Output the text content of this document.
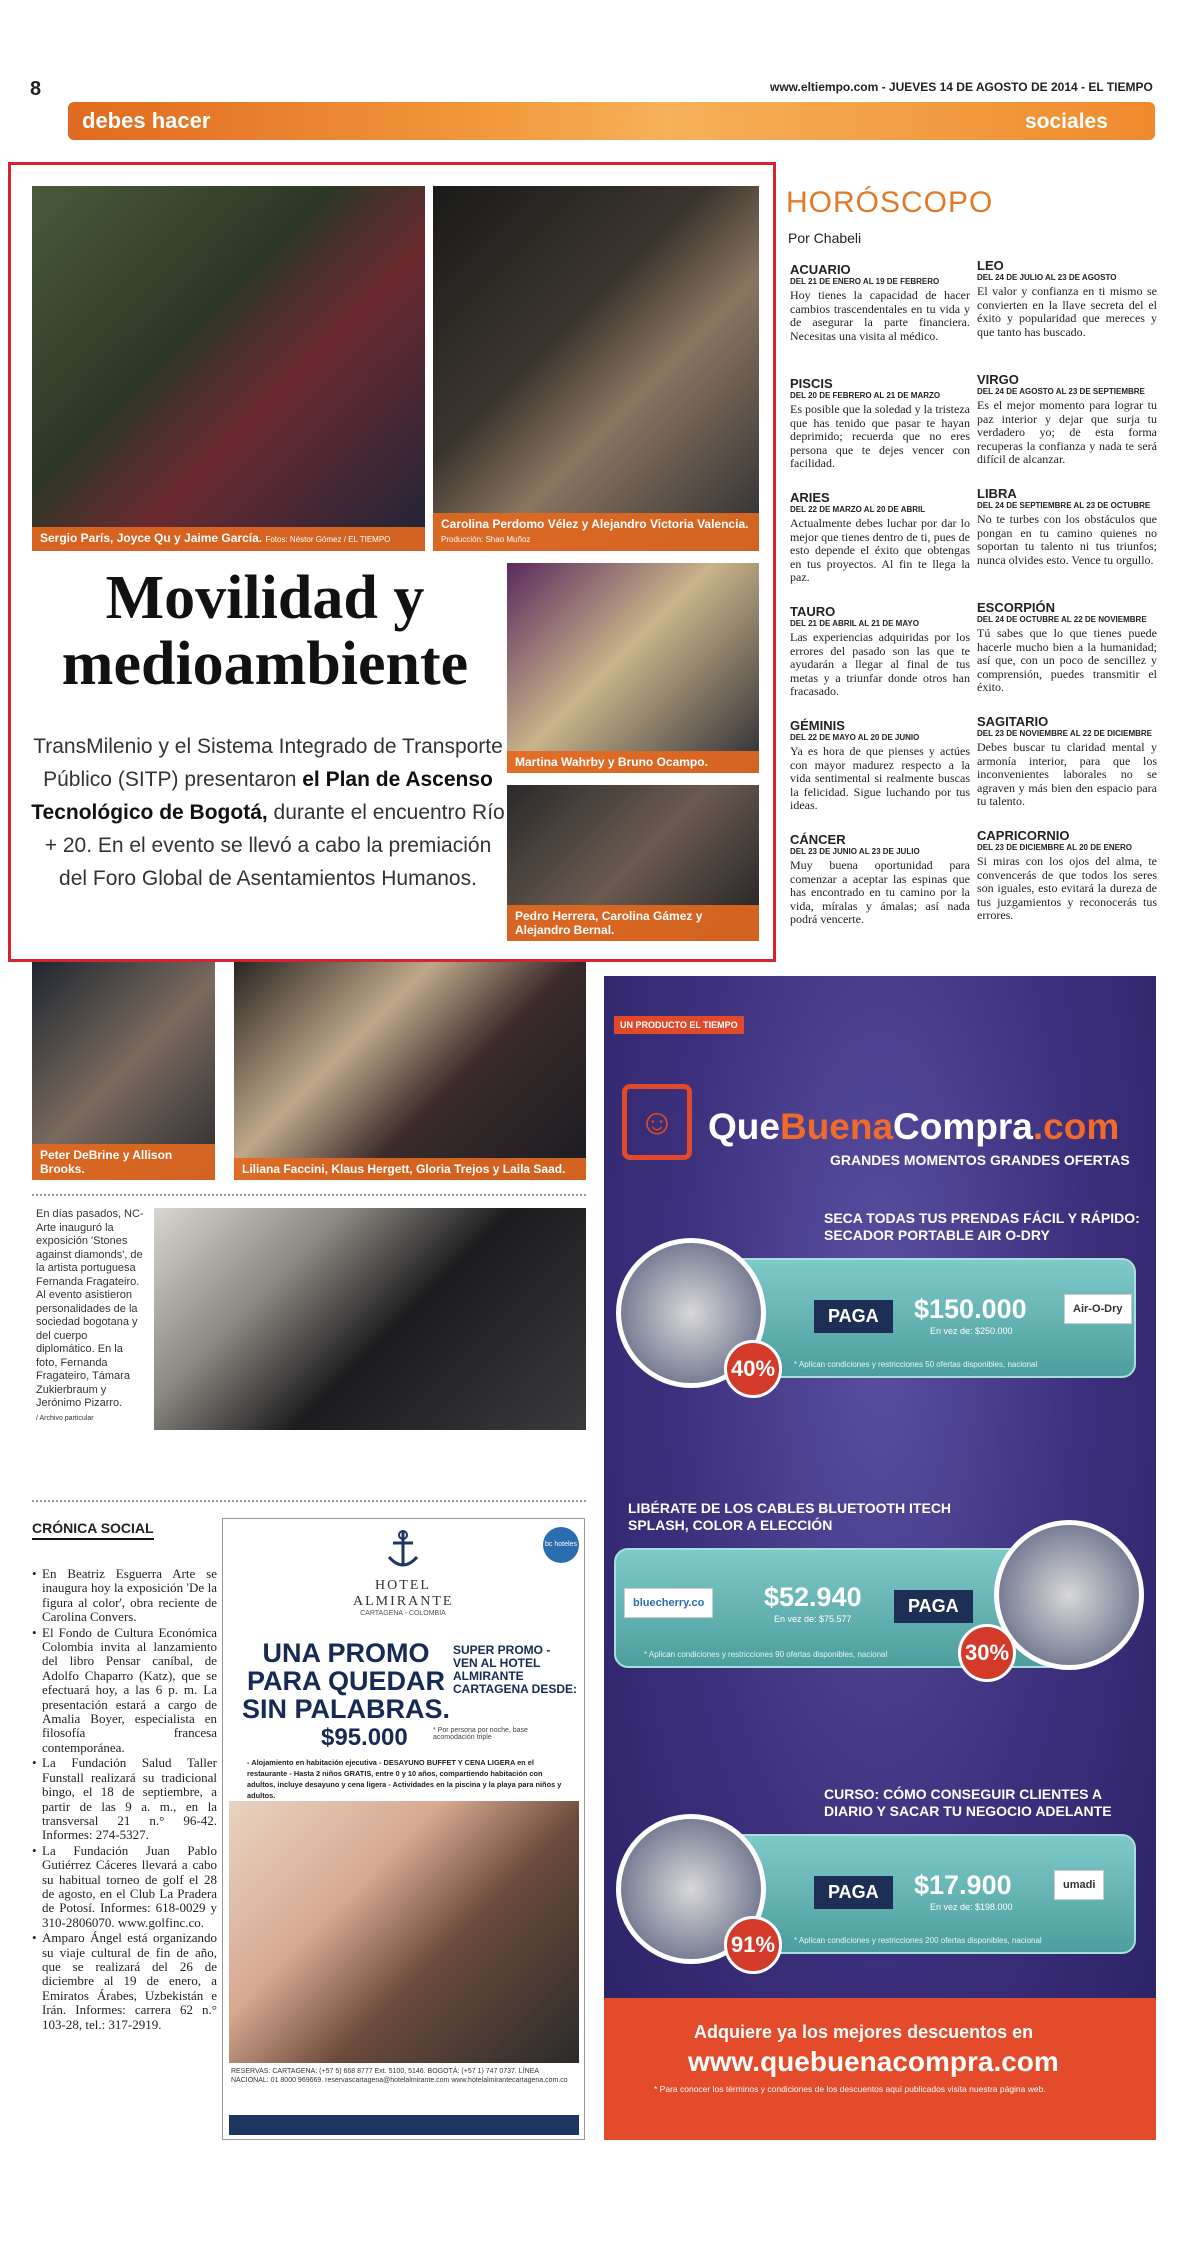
8	www.eltiempo.com - JUEVES 14 DE AGOSTO DE 2014 - EL TIEMPO
debes hacer	sociales
Sergio París, Joyce Qu y Jaime García. Fotos: Néstor Gómez / EL TIEMPO
Carolina Perdomo Vélez y Alejandro Victoria Valencia. Producción: Shao Muñoz
Martina Wahrby y Bruno Ocampo.
Pedro Herrera, Carolina Gámez y Alejandro Bernal.
Movilidad y medioambiente
TransMilenio y el Sistema Integrado de Transporte Público (SITP) presentaron el Plan de Ascenso Tecnológico de Bogotá, durante el encuentro Río + 20. En el evento se llevó a cabo la premiación del Foro Global de Asentamientos Humanos.
HORÓSCOPO
Por Chabeli
ACUARIO
DEL 21 DE ENERO AL 19 DE FEBRERO

Hoy tienes la capacidad de hacer cambios trascendentales en tu vida y de asegurar la parte financiera. Necesitas una visita al médico.

PISCIS
DEL 20 DE FEBRERO AL 21 DE MARZO

Es posible que la soledad y la tristeza que has tenido que pasar te hayan deprimido; recuerda que no eres persona que te dejes vencer con facilidad.

ARIES
DEL 22 DE MARZO AL 20 DE ABRIL

Actualmente debes luchar por dar lo mejor que tienes dentro de ti, pues de esto depende el éxito que obtengas en tus proyectos. Al fin te llega la paz.

TAURO
DEL 21 DE ABRIL AL 21 DE MAYO

Las experiencias adquiridas por los errores del pasado son las que te ayudarán a llegar al final de tus metas y a triunfar donde otros han fracasado.

GÉMINIS
DEL 22 DE MAYO AL 20 DE JUNIO

Ya es hora de que pienses y actúes con mayor madurez respecto a la vida sentimental si realmente buscas la felicidad. Sigue luchando por tus ideas.

CÁNCER
DEL 23 DE JUNIO AL 23 DE JULIO

Muy buena oportunidad para comenzar a aceptar las espinas que has encontrado en tu camino por la vida, míralas y ámalas; así nada podrá vencerte.

LEO
DEL 24 DE JULIO AL 23 DE AGOSTO

El valor y confianza en ti mismo se convierten en la llave secreta del el éxito y popularidad que mereces y que tanto has buscado.

VIRGO
DEL 24 DE AGOSTO AL 23 DE SEPTIEMBRE

Es el mejor momento para lograr tu paz interior y dejar que surja tu verdadero yo; de esta forma recuperas la confianza y nada te será difícil de alcanzar.

LIBRA
DEL 24 DE SEPTIEMBRE AL 23 DE OCTUBRE

No te turbes con los obstáculos que pongan en tu camino quienes no soportan tu talento ni tus triunfos; nunca olvides esto. Vence tu orgullo.

ESCORPIÓN
DEL 24 DE OCTUBRE AL 22 DE NOVIEMBRE

Tú sabes que lo que tienes puede hacerle mucho bien a la humanidad; así que, con un poco de sencillez y comprensión, puedes transmitir el éxito.

SAGITARIO
DEL 23 DE NOVIEMBRE AL 22 DE DICIEMBRE

Debes buscar tu claridad mental y armonía interior, para que los inconvenientes laborales no se agraven y más bien den espacio para tu talento.

CAPRICORNIO
DEL 23 DE DICIEMBRE AL 20 DE ENERO

Si miras con los ojos del alma, te convencerás de que todos los seres son iguales, esto evitará la dureza de tus juzgamientos y reconocerás tus errores.

Peter DeBrine y Allison Brooks.	Liliana Faccini, Klaus Hergett, Gloria Trejos y Laila Saad.
En días pasados, NC-Arte inauguró la exposición 'Stones against diamonds', de la artista portuguesa Fernanda Fragateiro. Al evento asistieron personalidades de la sociedad bogotana y del cuerpo diplomático. En la foto, Fernanda Fragateiro, Támara Zukierbraum y Jerónimo Pizarro.
/ Archivo particular
CRÓNICA SOCIAL
• En Beatriz Esguerra Arte se inaugura hoy la exposición 'De la figura al color', obra reciente de Carolina Convers.
• El Fondo de Cultura Económica Colombia invita al lanzamiento del libro Pensar caníbal, de Adolfo Chaparro (Katz), que se efectuará hoy, a las 6 p. m. La presentación estará a cargo de Amalia Boyer, especialista en filosofía francesa contemporánea.
• La Fundación Salud Taller Funstall realizará su tradicional bingo, el 18 de septiembre, a partir de las 9 a. m., en la transversal 21 n.° 96-42. Informes: 274-5327.
• La Fundación Juan Pablo Gutiérrez Cáceres llevará a cabo su habitual torneo de golf el 28 de agosto, en el Club La Pradera de Potosí. Informes: 618-0029 y 310-2806070. www.golfinc.co.
• Amparo Ángel está organizando su viaje cultural de fin de año, que se realizará del 26 de diciembre al 19 de enero, a Emiratos Árabes, Uzbekistán e Irán. Informes: carrera 62 n.° 103-28, tel.: 317-2919.
HOTEL ALMIRANTE
CARTAGENA - COLOMBIA
bc hoteles
UNA PROMO PARA QUEDAR SIN PALABRAS.
SUPER PROMO - VEN AL HOTEL ALMIRANTE CARTAGENA DESDE:
$95.000	* Por persona por noche, base acomodación triple
- Alojamiento en habitación ejecutiva - DESAYUNO BUFFET Y CENA LIGERA en el restaurante - Hasta 2 niños GRATIS, entre 0 y 10 años, compartiendo habitación con adultos, incluye desayuno y cena ligera - Actividades en la piscina y la playa para niños y adultos.
RESERVAS: CARTAGENA: (+57 5) 668 8777 Ext. 5100, 5146. BOGOTÁ: (+57 1) 747 0737. LÍNEA NACIONAL: 01 8000 969669. reservascartagena@hotelalmirante.com www.hotelalmirantecartagena.com.co
UN PRODUCTO EL TIEMPO
☺ QueBuenaCompra.com
GRANDES MOMENTOS GRANDES OFERTAS
SECA TODAS TUS PRENDAS FÁCIL Y RÁPIDO: SECADOR PORTABLE AIR O-DRY
PAGA	$150.000
En vez de: $250.000
40%	* Aplican condiciones y restricciones 50 ofertas disponibles, nacional
Air-O-Dry
LIBÉRATE DE LOS CABLES BLUETOOTH ITECH SPLASH, COLOR A ELECCIÓN
bluecherry.co	$52.940
En vez de: $75.577
PAGA
30%
* Aplican condiciones y restricciones 90 ofertas disponibles, nacional
CURSO: CÓMO CONSEGUIR CLIENTES A DIARIO Y SACAR TU NEGOCIO ADELANTE
PAGA	$17.900
En vez de: $198.000
91%	* Aplican condiciones y restricciones 200 ofertas disponibles, nacional
umadi
Adquiere ya los mejores descuentos en
www.quebuenacompra.com
* Para conocer los términos y condiciones de los descuentos aquí publicados visita nuestra página web.
